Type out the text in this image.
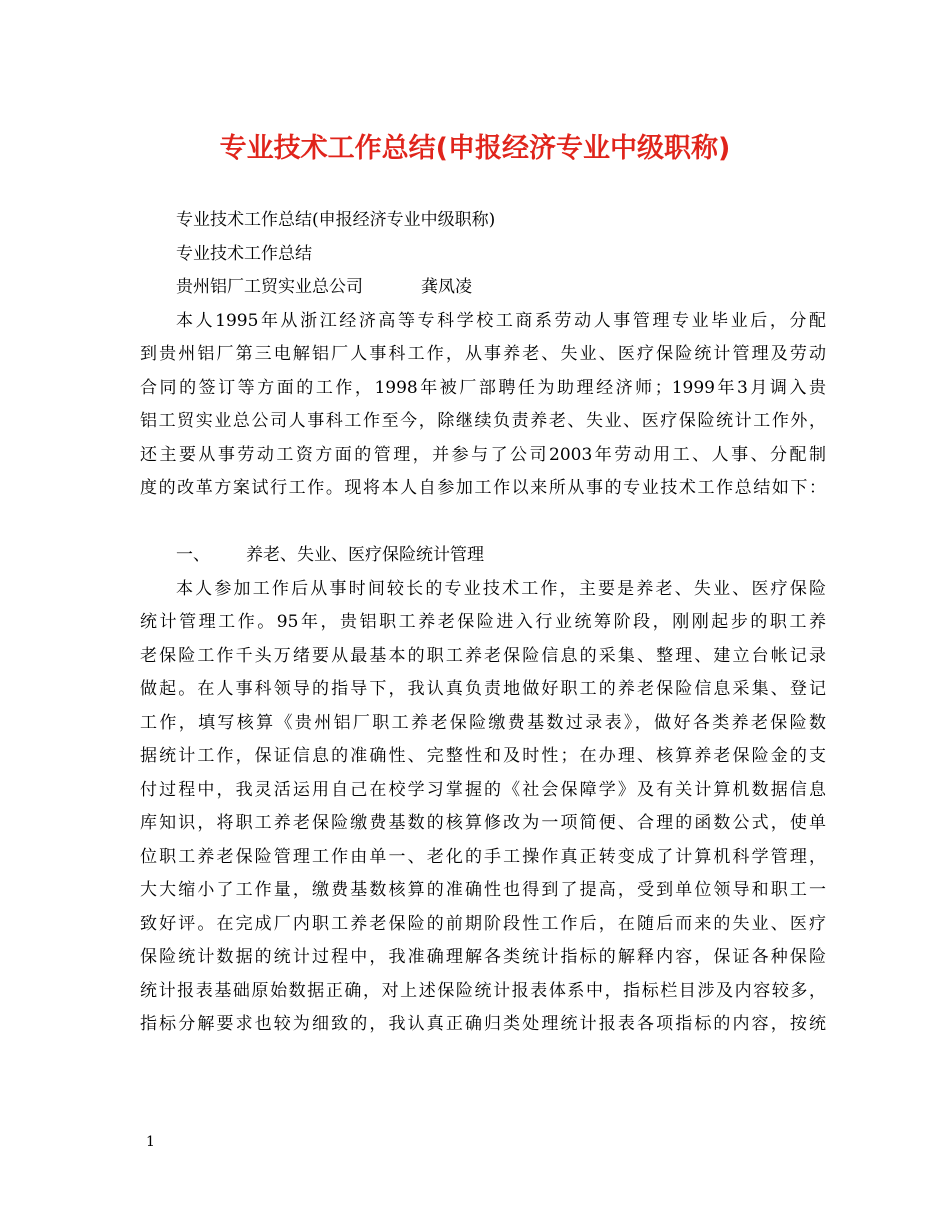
专业技术工作总结(申报经济专业中级职称)
专业技术工作总结(申报经济专业中级职称)
专业技术工作总结
贵州铝厂工贸实业总公司	龚凤凌
本人1995年从浙江经济高等专科学校工商系劳动人事管理专业毕业后，分配
到贵州铝厂第三电解铝厂人事科工作，从事养老、失业、医疗保险统计管理及劳动
合同的签订等方面的工作，1998年被厂部聘任为助理经济师；1999年3月调入贵
铝工贸实业总公司人事科工作至今，除继续负责养老、失业、医疗保险统计工作外，
还主要从事劳动工资方面的管理，并参与了公司2003年劳动用工、人事、分配制
度的改革方案试行工作。现将本人自参加工作以来所从事的专业技术工作总结如下：
一、 养老、失业、医疗保险统计管理
本人参加工作后从事时间较长的专业技术工作，主要是养老、失业、医疗保险
统计管理工作。95年，贵铝职工养老保险进入行业统筹阶段，刚刚起步的职工养
老保险工作千头万绪要从最基本的职工养老保险信息的采集、整理、建立台帐记录
做起。在人事科领导的指导下，我认真负责地做好职工的养老保险信息采集、登记
工作，填写核算《贵州铝厂职工养老保险缴费基数过录表》，做好各类养老保险数
据统计工作，保证信息的准确性、完整性和及时性；在办理、核算养老保险金的支
付过程中，我灵活运用自己在校学习掌握的《社会保障学》及有关计算机数据信息
库知识，将职工养老保险缴费基数的核算修改为一项简便、合理的函数公式，使单
位职工养老保险管理工作由单一、老化的手工操作真正转变成了计算机科学管理，
大大缩小了工作量，缴费基数核算的准确性也得到了提高，受到单位领导和职工一
致好评。在完成厂内职工养老保险的前期阶段性工作后，在随后而来的失业、医疗
保险统计数据的统计过程中，我准确理解各类统计指标的解释内容，保证各种保险
统计报表基础原始数据正确，对上述保险统计报表体系中，指标栏目涉及内容较多，
指标分解要求也较为细致的，我认真正确归类处理统计报表各项指标的内容，按统
1
